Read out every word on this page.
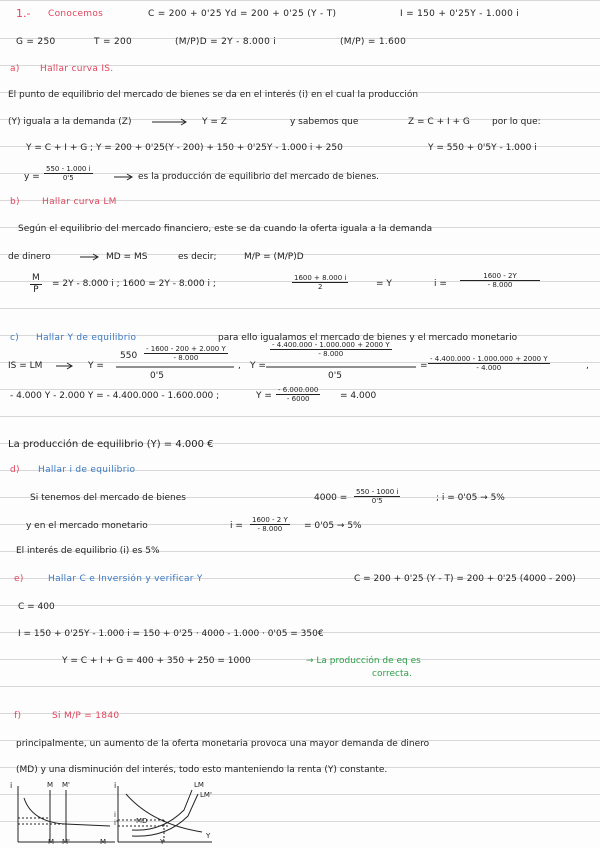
1.- Conocemos	C = 200 + 0'25 Yd = 200 + 0'25 (Y - T)	I = 150 + 0'25Y - 1.000 i
G = 250	T = 200	(M/P)D = 2Y - 8.000 i	(M/P) = 1.600
a) Hallar curva IS.
El punto de equilibrio del mercado de bienes se da en el interés (i) en el cual la producción
(Y) iguala a la demanda (Z)	Y = Z	y sabemos que	Z = C + I + G por lo que:
Y = C + I + G ; Y = 200 + 0'25(Y - 200) + 150 + 0'25Y - 1.000 i + 250	Y = 550 + 0'5Y - 1.000 i
$y = \frac{550 - 1.000 i}{0'5}$	es la producción de equilibrio del mercado de bienes.
b) Hallar curva LM
Según el equilibrio del mercado financiero, este se da cuando la oferta iguala a la demanda
de dinero	MD = MS	es decir;	M/P = (M/P)D
$\frac{M}{P} = 2Y - 8.000$ i ; 1600 = 2Y - 8.000 i ;	$\frac{1600 + 8.000 i}{2}$	= Y	$i = \frac{1600 - 2Y}{- 8.000}$
c) Hallar Y de equilibrio	para ello igualamos el mercado de bienes y el mercado monetario
IS = LM	Y =
$550 \frac{- 1600 - 200 + 2.000 Y}{- 8.000}$
0'5
, Y =
$\frac{- 4.400.000 - 1.000.000 + 2000 Y}{- 8.000}$
0'5
= $\frac{- 4.400.000 - 1.000.000 + 2000 Y}{- 4.000}$	,
- 4.000 Y - 2.000 Y = - 4.400.000 - 1.600.000 ;	$Y = \frac{- 6.000.000}{- 6000} = 4.000$
La producción de equilibrio (Y) = 4.000 €
d) Hallar i de equilibrio
Si tenemos del mercado de bienes	$4000 = \frac{550 - 1000 i}{0'5}$	; i = 0'05 → 5%
y en el mercado monetario	$i = \frac{1600 - 2 Y}{- 8.000} = 0'05 \to 5\%$
El interés de equilibrio (i) es 5%
e)	Hallar C e Inversión y verificar Y	C = 200 + 0'25 (Y - T) = 200 + 0'25 (4000 - 200)
C = 400
I = 150 + 0'25Y - 1.000 i = 150 + 0'25 · 4000 - 1.000 · 0'05 = 350€
Y = C + I + G = 400 + 350 + 250 = 1000	→ La producción de eq es
correcta.
f)	Si M/P = 1840
principalmente, un aumento de la oferta monetaria provoca una mayor demanda de dinero
(MD) y una disminución del interés, todo esto manteniendo la renta (Y) constante.
i	M M'
M M'	M
i	LM
LM'
i
i'	MD
Y
Y
